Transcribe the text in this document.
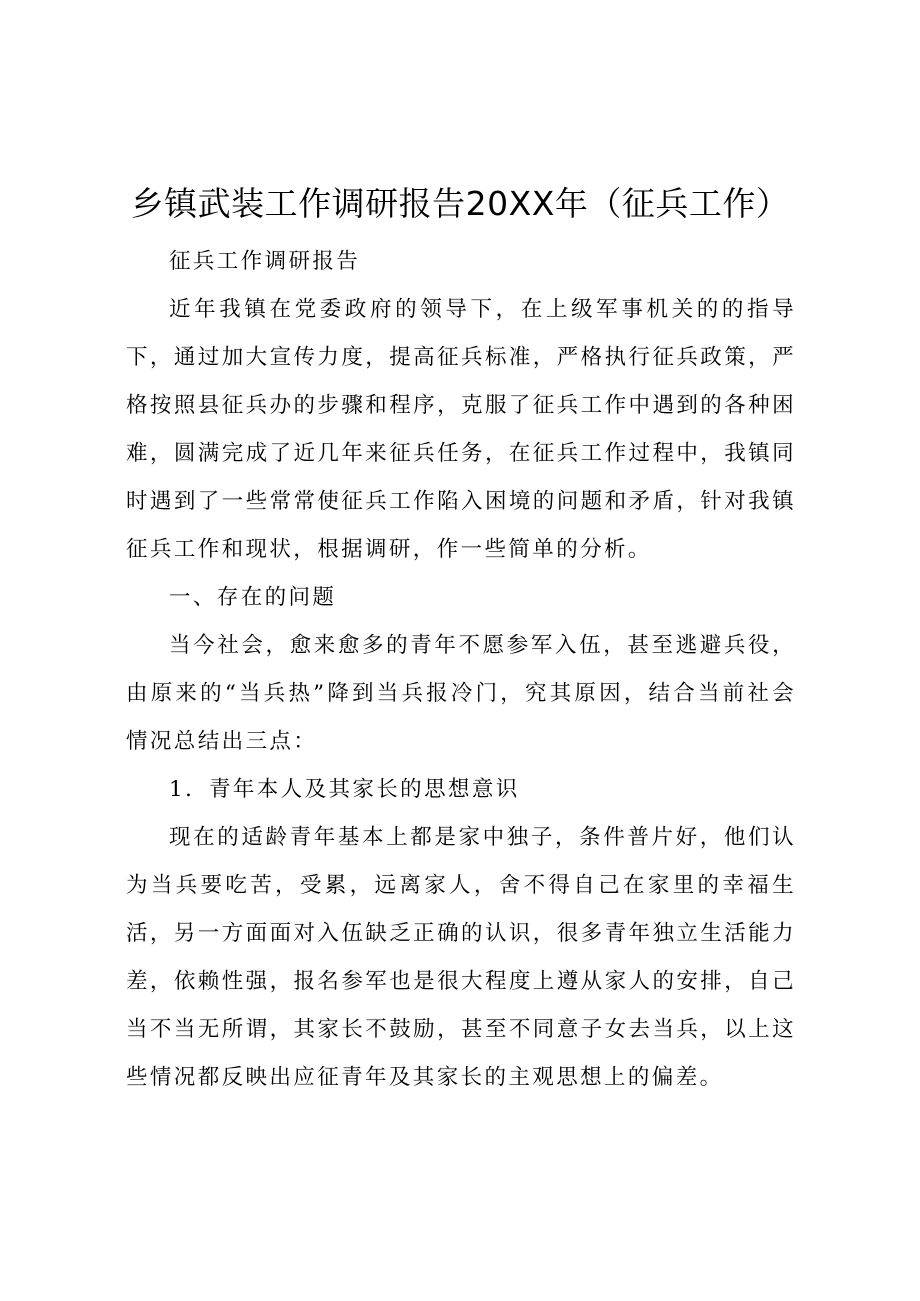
乡镇武装工作调研报告20XX年（征兵工作）

征兵工作调研报告

近年我镇在党委政府的领导下，在上级军事机关的的指导下，通过加大宣传力度，提高征兵标准，严格执行征兵政策，严格按照县征兵办的步骤和程序，克服了征兵工作中遇到的各种困难，圆满完成了近几年来征兵任务，在征兵工作过程中，我镇同时遇到了一些常常使征兵工作陷入困境的问题和矛盾，针对我镇征兵工作和现状，根据调研，作一些简单的分析。

一、存在的问题

当今社会，愈来愈多的青年不愿参军入伍，甚至逃避兵役，由原来的“当兵热”降到当兵报冷门，究其原因，结合当前社会情况总结出三点：

1．青年本人及其家长的思想意识

现在的适龄青年基本上都是家中独子，条件普片好，他们认为当兵要吃苦，受累，远离家人，舍不得自己在家里的幸福生活，另一方面面对入伍缺乏正确的认识，很多青年独立生活能力差，依赖性强，报名参军也是很大程度上遵从家人的安排，自己当不当无所谓，其家长不鼓励，甚至不同意子女去当兵，以上这些情况都反映出应征青年及其家长的主观思想上的偏差。
